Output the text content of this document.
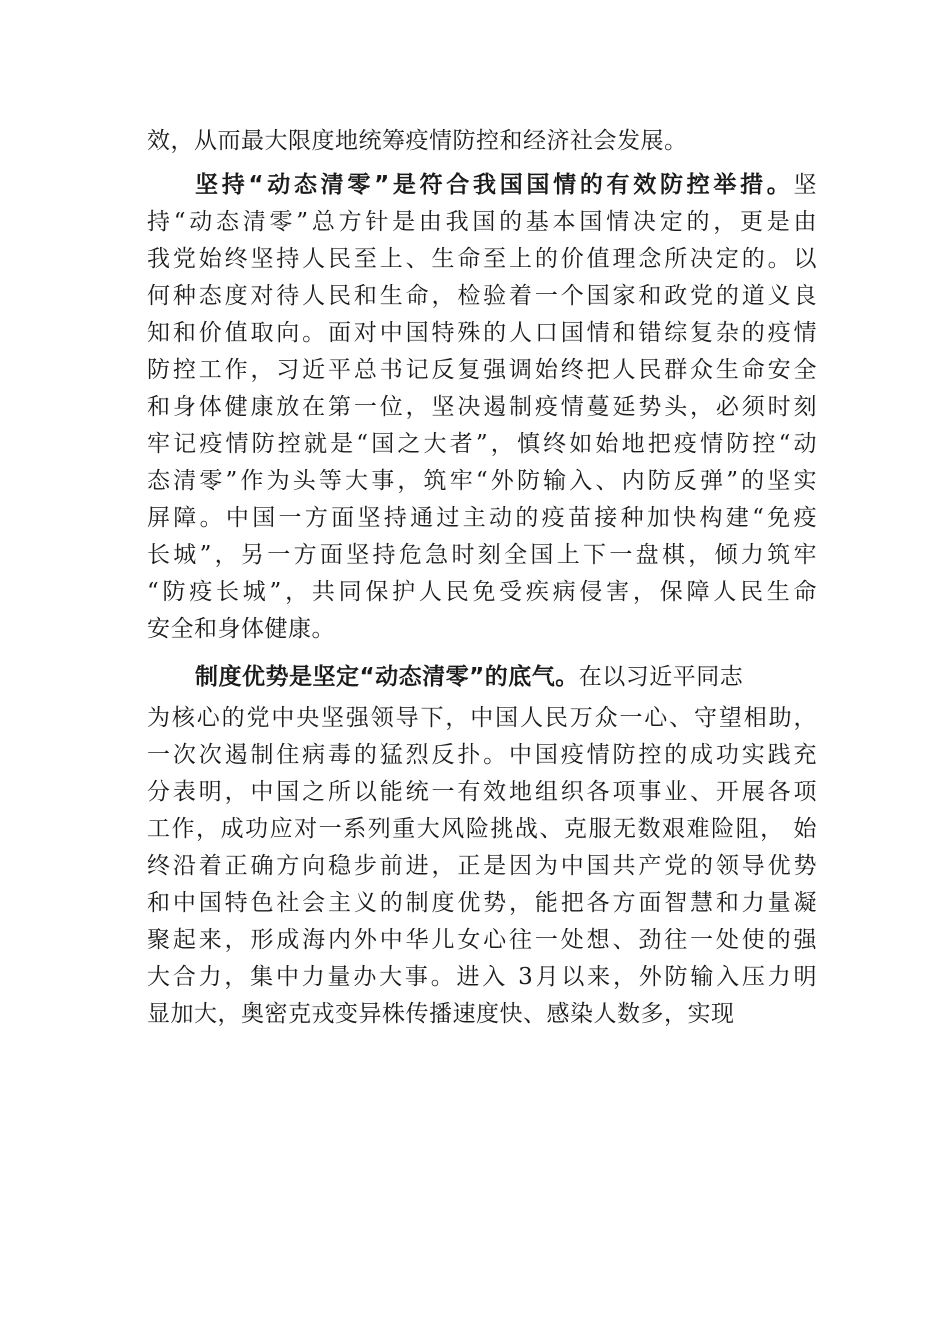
效，从而最大限度地统筹疫情防控和经济社会发展。
坚持“动态清零”是符合我国国情的有效防控举措。坚
持“动态清零”总方针是由我国的基本国情决定的，更是由
我党始终坚持人民至上、生命至上的价值理念所决定的。以
何种态度对待人民和生命，检验着一个国家和政党的道义良
知和价值取向。面对中国特殊的人口国情和错综复杂的疫情
防控工作，习近平总书记反复强调始终把人民群众生命安全
和身体健康放在第一位，坚决遏制疫情蔓延势头，必须时刻
牢记疫情防控就是“国之大者”，慎终如始地把疫情防控“动
态清零”作为头等大事，筑牢“外防输入、内防反弹”的坚实
屏障。中国一方面坚持通过主动的疫苗接种加快构建“免疫
长城”，另一方面坚持危急时刻全国上下一盘棋，倾力筑牢
“防疫长城”，共同保护人民免受疾病侵害，保障人民生命
安全和身体健康。
制度优势是坚定“动态清零”的底气。在以习近平同志
为核心的党中央坚强领导下，中国人民万众一心、守望相助，
一次次遏制住病毒的猛烈反扑。中国疫情防控的成功实践充
分表明，中国之所以能统一有效地组织各项事业、开展各项
工作，成功应对一系列重大风险挑战、克服无数艰难险阻， 始
终沿着正确方向稳步前进，正是因为中国共产党的领导优势
和中国特色社会主义的制度优势，能把各方面智慧和力量凝
聚起来，形成海内外中华儿女心往一处想、劲往一处使的强
大合力，集中力量办大事。进入 3月以来，外防输入压力明
显加大，奥密克戎变异株传播速度快、感染人数多，实现
